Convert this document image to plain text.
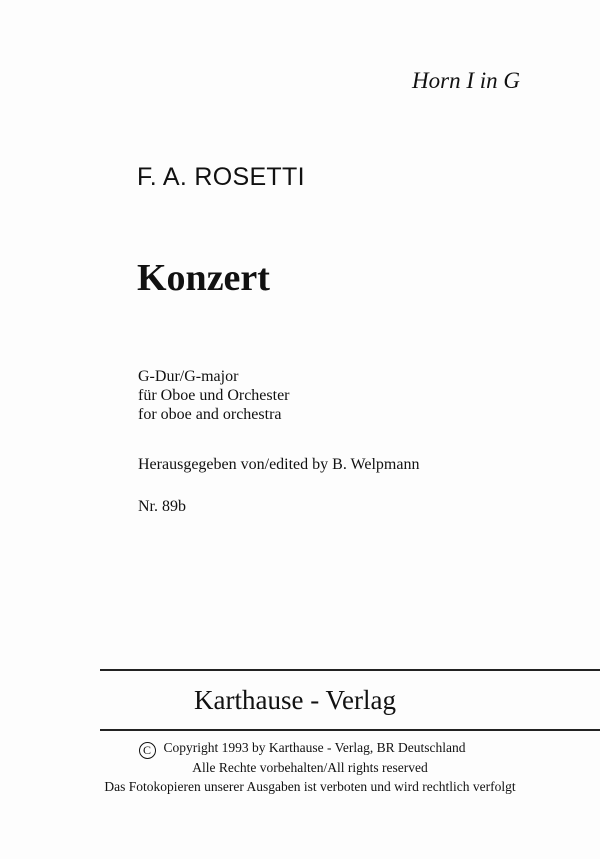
Horn I in G
F. A. ROSETTI
Konzert
G-Dur/G-major
für Oboe und Orchester
for oboe and orchestra
Herausgegeben von/edited by B. Welpmann
Nr. 89b
Karthause - Verlag
C Copyright 1993 by Karthause - Verlag, BR Deutschland
Alle Rechte vorbehalten/All rights reserved
Das Fotokopieren unserer Ausgaben ist verboten und wird rechtlich verfolgt
